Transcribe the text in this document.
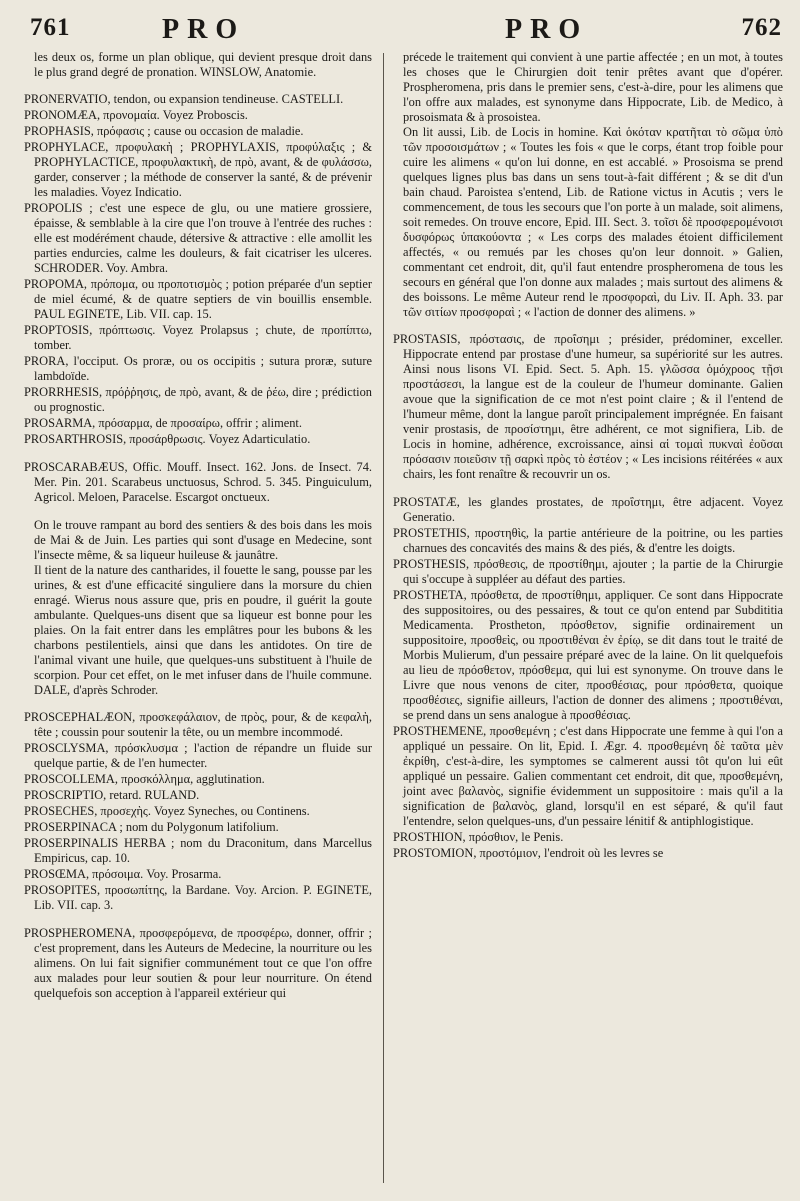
761	PRO	PRO	762
les deux os, forme un plan oblique, qui devient presque droit dans le plus grand degré de pronation. WINSLOW, Anatomie.
PRONERVATIO, tendon, ou expansion tendineuse. CASTELLI.
PRONOMÆA, προνομαία. Voyez Proboscis.
PROPHASIS, πρόφασις ; cause ou occasion de maladie.
PROPHYLACE, προφυλακὴ ; PROPHYLAXIS, προφύλαξις ; & PROPHYLACTICE, προφυλακτικὴ, de πρὸ, avant, & de φυλάσσω, garder, conserver ; la méthode de conserver la santé, & de prévenir les maladies. Voyez Indicatio.
PROPOLIS ; c'est une espece de glu, ou une matiere grossiere, épaisse, & semblable à la cire que l'on trouve à l'entrée des ruches : elle est modérément chaude, détersive & attractive : elle amollit les parties endurcies, calme les douleurs, & fait cicatriser les ulceres. SCHRODER. Voy. Ambra.
PROPOMA, πρόπομα, ou προποτισμὸς ; potion préparée d'un septier de miel écumé, & de quatre septiers de vin bouillis ensemble. PAUL EGINETE, Lib. VII. cap. 15.
PROPTOSIS, πρόπτωσις. Voyez Prolapsus ; chute, de προπίπτω, tomber.
PRORA, l'occiput. Os proræ, ou os occipitis ; sutura proræ, suture lambdoïde.
PRORRHESIS, πρόῤῥησις, de πρὸ, avant, & de ῥέω, dire ; prédiction ou prognostic.
PROSARMA, πρόσαρμα, de προσαίρω, offrir ; aliment.
PROSARTHROSIS, προσάρθρωσις. Voyez Adarticulatio.
PROSCARABÆUS, Offic. Mouff. Insect. 162. Jons. de Insect. 74. Mer. Pin. 201. Scarabeus unctuosus, Schrod. 5. 345. Pinguiculum, Agricol. Meloen, Paracelse. Escargot onctueux.
On le trouve rampant au bord des sentiers & des bois dans les mois de Mai & de Juin. Les parties qui sont d'usage en Medecine, sont l'insecte même, & sa liqueur huileuse & jaunâtre.
Il tient de la nature des cantharides, il fouette le sang, pousse par les urines, & est d'une efficacité singuliere dans la morsure du chien enragé. Wierus nous assure que, pris en poudre, il guérit la goute ambulante. Quelques-uns disent que sa liqueur est bonne pour les plaies. On la fait entrer dans les emplâtres pour les bubons & les charbons pestilentiels, ainsi que dans les antidotes. On tire de l'animal vivant une huile, que quelques-uns substituent à l'huile de scorpion. Pour cet effet, on le met infuser dans de l'huile commune. DALE, d'après Schroder.
PROSCEPHALÆON, προσκεφάλαιον, de πρὸς, pour, & de κεφαλὴ, tête ; coussin pour soutenir la tête, ou un membre incommodé.
PROSCLYSMA, πρόσκλυσμα ; l'action de répandre un fluide sur quelque partie, & de l'en humecter.
PROSCOLLEMA, προσκόλλημα, agglutination.
PROSCRIPTIO, retard. RULAND.
PROSECHES, προσεχὴς. Voyez Syneches, ou Continens.
PROSERPINACA ; nom du Polygonum latifolium.
PROSERPINALIS HERBA ; nom du Draconitum, dans Marcellus Empiricus, cap. 10.
PROSŒMA, πρόσοιμα. Voy. Prosarma.
PROSOPITES, προσωπίτης, la Bardane. Voy. Arcion. P. EGINETE, Lib. VII. cap. 3.
PROSPHEROMENA, προσφερόμενα, de προσφέρω, donner, offrir ; c'est proprement, dans les Auteurs de Medecine, la nourriture ou les alimens. On lui fait signifier communément tout ce que l'on offre aux malades pour leur soutien & pour leur nourriture. On étend quelquefois son acception à l'appareil extérieur qui
précede le traitement qui convient à une partie affectée ; en un mot, à toutes les choses que le Chirurgien doit tenir prêtes avant que d'opérer. Prospheromena, pris dans le premier sens, c'est-à-dire, pour les alimens que l'on offre aux malades, est synonyme dans Hippocrate, Lib. de Medico, à prosoismata & à prosoistea.
On lit aussi, Lib. de Locis in homine. Καὶ ὁκόταν κρατῆται τὸ σῶμα ὑπὸ τῶν προσοισμάτων ; « Toutes les fois « que le corps, étant trop foible pour cuire les alimens « qu'on lui donne, en est accablé. » Prosoisma se prend quelques lignes plus bas dans un sens tout-à-fait différent ; & se dit d'un bain chaud. Paroistea s'entend, Lib. de Ratione victus in Acutis ; vers le commencement, de tous les secours que l'on porte à un malade, soit alimens, soit remedes. On trouve encore, Epid. III. Sect. 3. τοῖσι δὲ προσφερομένοισι δυσφόρως ὑπακούοντα ; « Les corps des malades étoient difficilement affectés, « ou remués par les choses qu'on leur donnoit. » Galien, commentant cet endroit, dit, qu'il faut entendre prospheromena de tous les secours en général que l'on donne aux malades ; mais surtout des alimens & des boissons. Le même Auteur rend le προσφοραὶ, du Liv. II. Aph. 33. par τῶν σιτίων προσφοραὶ ; « l'action de donner des alimens. »
PROSTASIS, πρόστασις, de προΐσημι ; présider, prédominer, exceller. Hippocrate entend par prostase d'une humeur, sa supériorité sur les autres. Ainsi nous lisons VI. Epid. Sect. 5. Aph. 15. γλῶσσα ὁμόχροος τῇσι προστάσεσι, la langue est de la couleur de l'humeur dominante. Galien avoue que la signification de ce mot n'est point claire ; & il l'entend de l'humeur même, dont la langue paroît principalement imprégnée. En faisant venir prostasis, de προσίστημι, être adhérent, ce mot signifiera, Lib. de Locis in homine, adhérence, excroissance, ainsi αἱ τομαὶ πυκναὶ ἐοῦσαι πρόσασιν ποιεῦσιν τῇ σαρκὶ πρὸς τὸ ἐστέον ; « Les incisions réitérées « aux chairs, les font renaître & recouvrir un os.
PROSTATÆ, les glandes prostates, de προΐστημι, être adjacent. Voyez Generatio.
PROSTETHIS, προστηθὶς, la partie antérieure de la poitrine, ou les parties charnues des concavités des mains & des piés, & d'entre les doigts.
PROSTHESIS, πρόσθεσις, de προστίθημι, ajouter ; la partie de la Chirurgie qui s'occupe à suppléer au défaut des parties.
PROSTHETA, πρόσθετα, de προστίθημι, appliquer. Ce sont dans Hippocrate des suppositoires, ou des pessaires, & tout ce qu'on entend par Subdititia Medicamenta. Prostheton, πρόσθετον, signifie ordinairement un suppositoire, προσθεὶς, ou προστιθέναι ἐν ἐρίῳ, se dit dans tout le traité de Morbis Mulierum, d'un pessaire préparé avec de la laine. On lit quelquefois au lieu de πρόσθετον, πρόσθεμα, qui lui est synonyme. On trouve dans le Livre que nous venons de citer, προσθέσιας, pour πρόσθετα, quoique προσθέσιες, signifie ailleurs, l'action de donner des alimens ; προστιθέναι, se prend dans un sens analogue à προσθέσιας.
PROSTHEMENE, προσθεμένη ; c'est dans Hippocrate une femme à qui l'on a appliqué un pessaire. On lit, Epid. I. Ægr. 4. προσθεμένη δὲ ταῦτα μὲν ἐκρίθη, c'est-à-dire, les symptomes se calmerent aussi tôt qu'on lui eût appliqué un pessaire. Galien commentant cet endroit, dit que, προσθεμένη, joint avec βαλανὸς, signifie évidemment un suppositoire : mais qu'il a la signification de βαλανὸς, gland, lorsqu'il en est séparé, & qu'il faut l'entendre, selon quelques-uns, d'un pessaire lénitif & antiphlogistique.
PROSTHION, πρόσθιον, le Penis.
PROSTOMION, προστόμιον, l'endroit où les levres se
